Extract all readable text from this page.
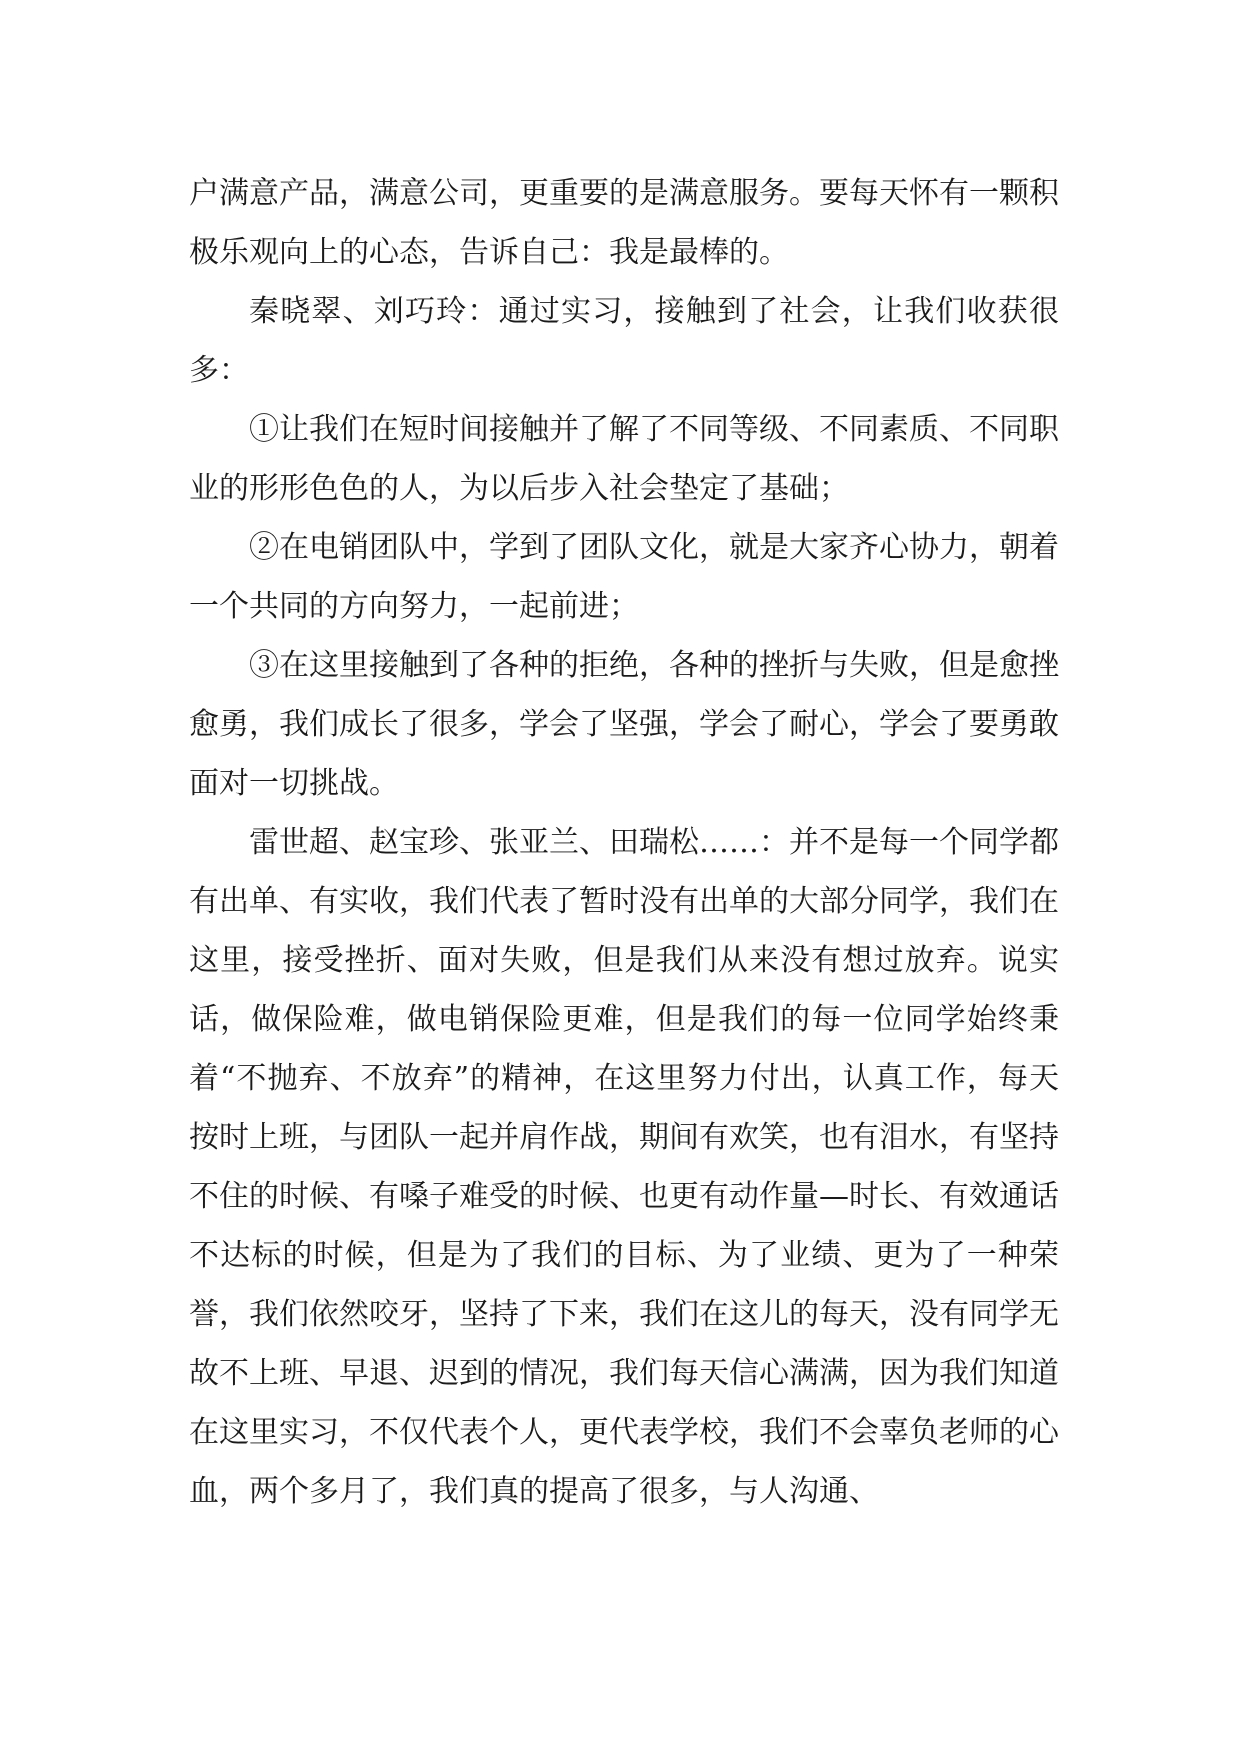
户满意产品，满意公司，更重要的是满意服务。要每天怀有一颗积极乐观向上的心态，告诉自己：我是最棒的。

秦晓翠、刘巧玲：通过实习，接触到了社会，让我们收获很多：

①让我们在短时间接触并了解了不同等级、不同素质、不同职业的形形色色的人，为以后步入社会垫定了基础；

②在电销团队中，学到了团队文化，就是大家齐心协力，朝着一个共同的方向努力，一起前进；

③在这里接触到了各种的拒绝，各种的挫折与失败，但是愈挫愈勇，我们成长了很多，学会了坚强，学会了耐心，学会了要勇敢面对一切挑战。

雷世超、赵宝珍、张亚兰、田瑞松……：并不是每一个同学都有出单、有实收，我们代表了暂时没有出单的大部分同学，我们在这里，接受挫折、面对失败，但是我们从来没有想过放弃。说实话，做保险难，做电销保险更难，但是我们的每一位同学始终秉着“不抛弃、不放弃”的精神，在这里努力付出，认真工作，每天按时上班，与团队一起并肩作战，期间有欢笑，也有泪水，有坚持不住的时候、有嗓子难受的时候、也更有动作量—时长、有效通话不达标的时候，但是为了我们的目标、为了业绩、更为了一种荣誉，我们依然咬牙，坚持了下来，我们在这儿的每天，没有同学无故不上班、早退、迟到的情况，我们每天信心满满，因为我们知道在这里实习，不仅代表个人，更代表学校，我们不会辜负老师的心血，两个多月了，我们真的提高了很多，与人沟通、
